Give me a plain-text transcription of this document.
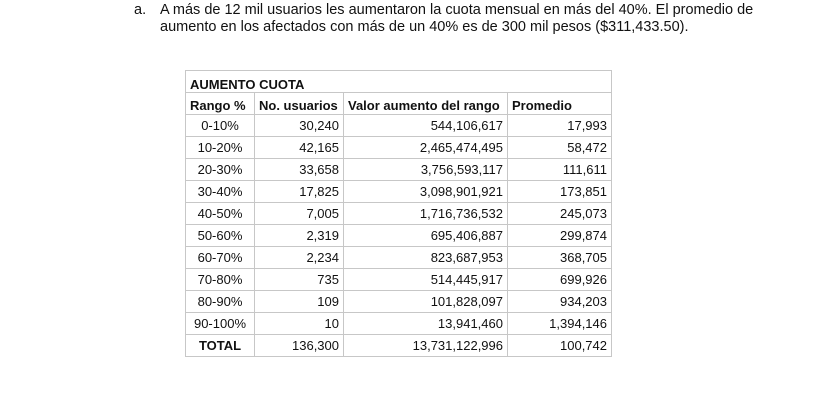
a. A más de 12 mil usuarios les aumentaron la cuota mensual en más del 40%. El promedio de aumento en los afectados con más de un 40% es de 300 mil pesos ($311,433.50).
AUMENTO CUOTA			
Rango %	No. usuarios	Valor aumento del rango	Promedio
0-10%	30,240	544,106,617	17,993
10-20%	42,165	2,465,474,495	58,472
20-30%	33,658	3,756,593,117	111,611
30-40%	17,825	3,098,901,921	173,851
40-50%	7,005	1,716,736,532	245,073
50-60%	2,319	695,406,887	299,874
60-70%	2,234	823,687,953	368,705
70-80%	735	514,445,917	699,926
80-90%	109	101,828,097	934,203
90-100%	10	13,941,460	1,394,146
TOTAL	136,300	13,731,122,996	100,742
